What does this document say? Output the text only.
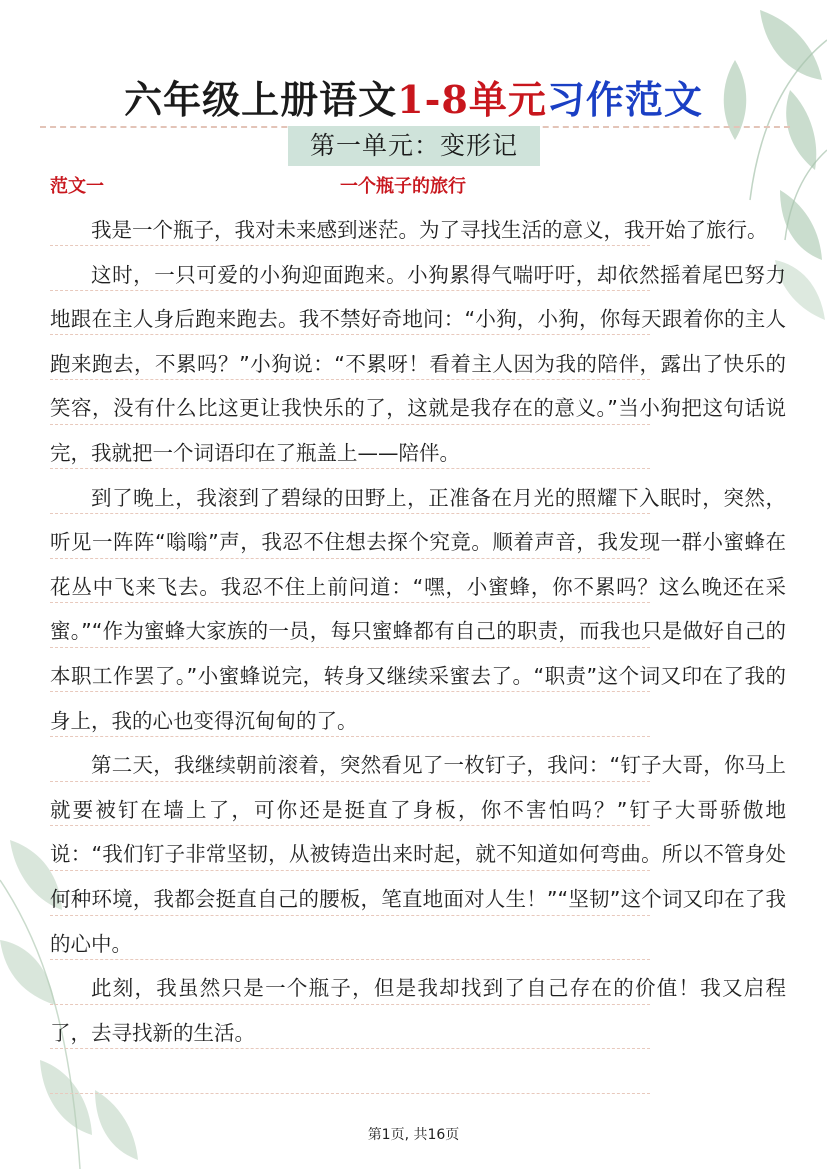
六年级上册语文1-8单元习作范文
第一单元：变形记
范文一	一个瓶子的旅行

我是一个瓶子，我对未来感到迷茫。为了寻找生活的意义，我开始了旅行。

这时，一只可爱的小狗迎面跑来。小狗累得气喘吁吁，却依然摇着尾巴努力地跟在主人身后跑来跑去。我不禁好奇地问：“小狗，小狗，你每天跟着你的主人跑来跑去，不累吗？”小狗说：“不累呀！看着主人因为我的陪伴，露出了快乐的笑容，没有什么比这更让我快乐的了，这就是我存在的意义。”当小狗把这句话说完，我就把一个词语印在了瓶盖上——陪伴。

到了晚上，我滚到了碧绿的田野上，正准备在月光的照耀下入眠时，突然，听见一阵阵“嗡嗡”声，我忍不住想去探个究竟。顺着声音，我发现一群小蜜蜂在花丛中飞来飞去。我忍不住上前问道：“嘿，小蜜蜂，你不累吗？这么晚还在采蜜。”“作为蜜蜂大家族的一员，每只蜜蜂都有自己的职责，而我也只是做好自己的本职工作罢了。”小蜜蜂说完，转身又继续采蜜去了。“职责”这个词又印在了我的身上，我的心也变得沉甸甸的了。

第二天，我继续朝前滚着，突然看见了一枚钉子，我问：“钉子大哥，你马上就要被钉在墙上了，可你还是挺直了身板，你不害怕吗？”钉子大哥骄傲地说：“我们钉子非常坚韧，从被铸造出来时起，就不知道如何弯曲。所以不管身处何种环境，我都会挺直自己的腰板，笔直地面对人生！”“坚韧”这个词又印在了我的心中。

此刻，我虽然只是一个瓶子，但是我却找到了自己存在的价值！我又启程了，去寻找新的生活。

第1页, 共16页
